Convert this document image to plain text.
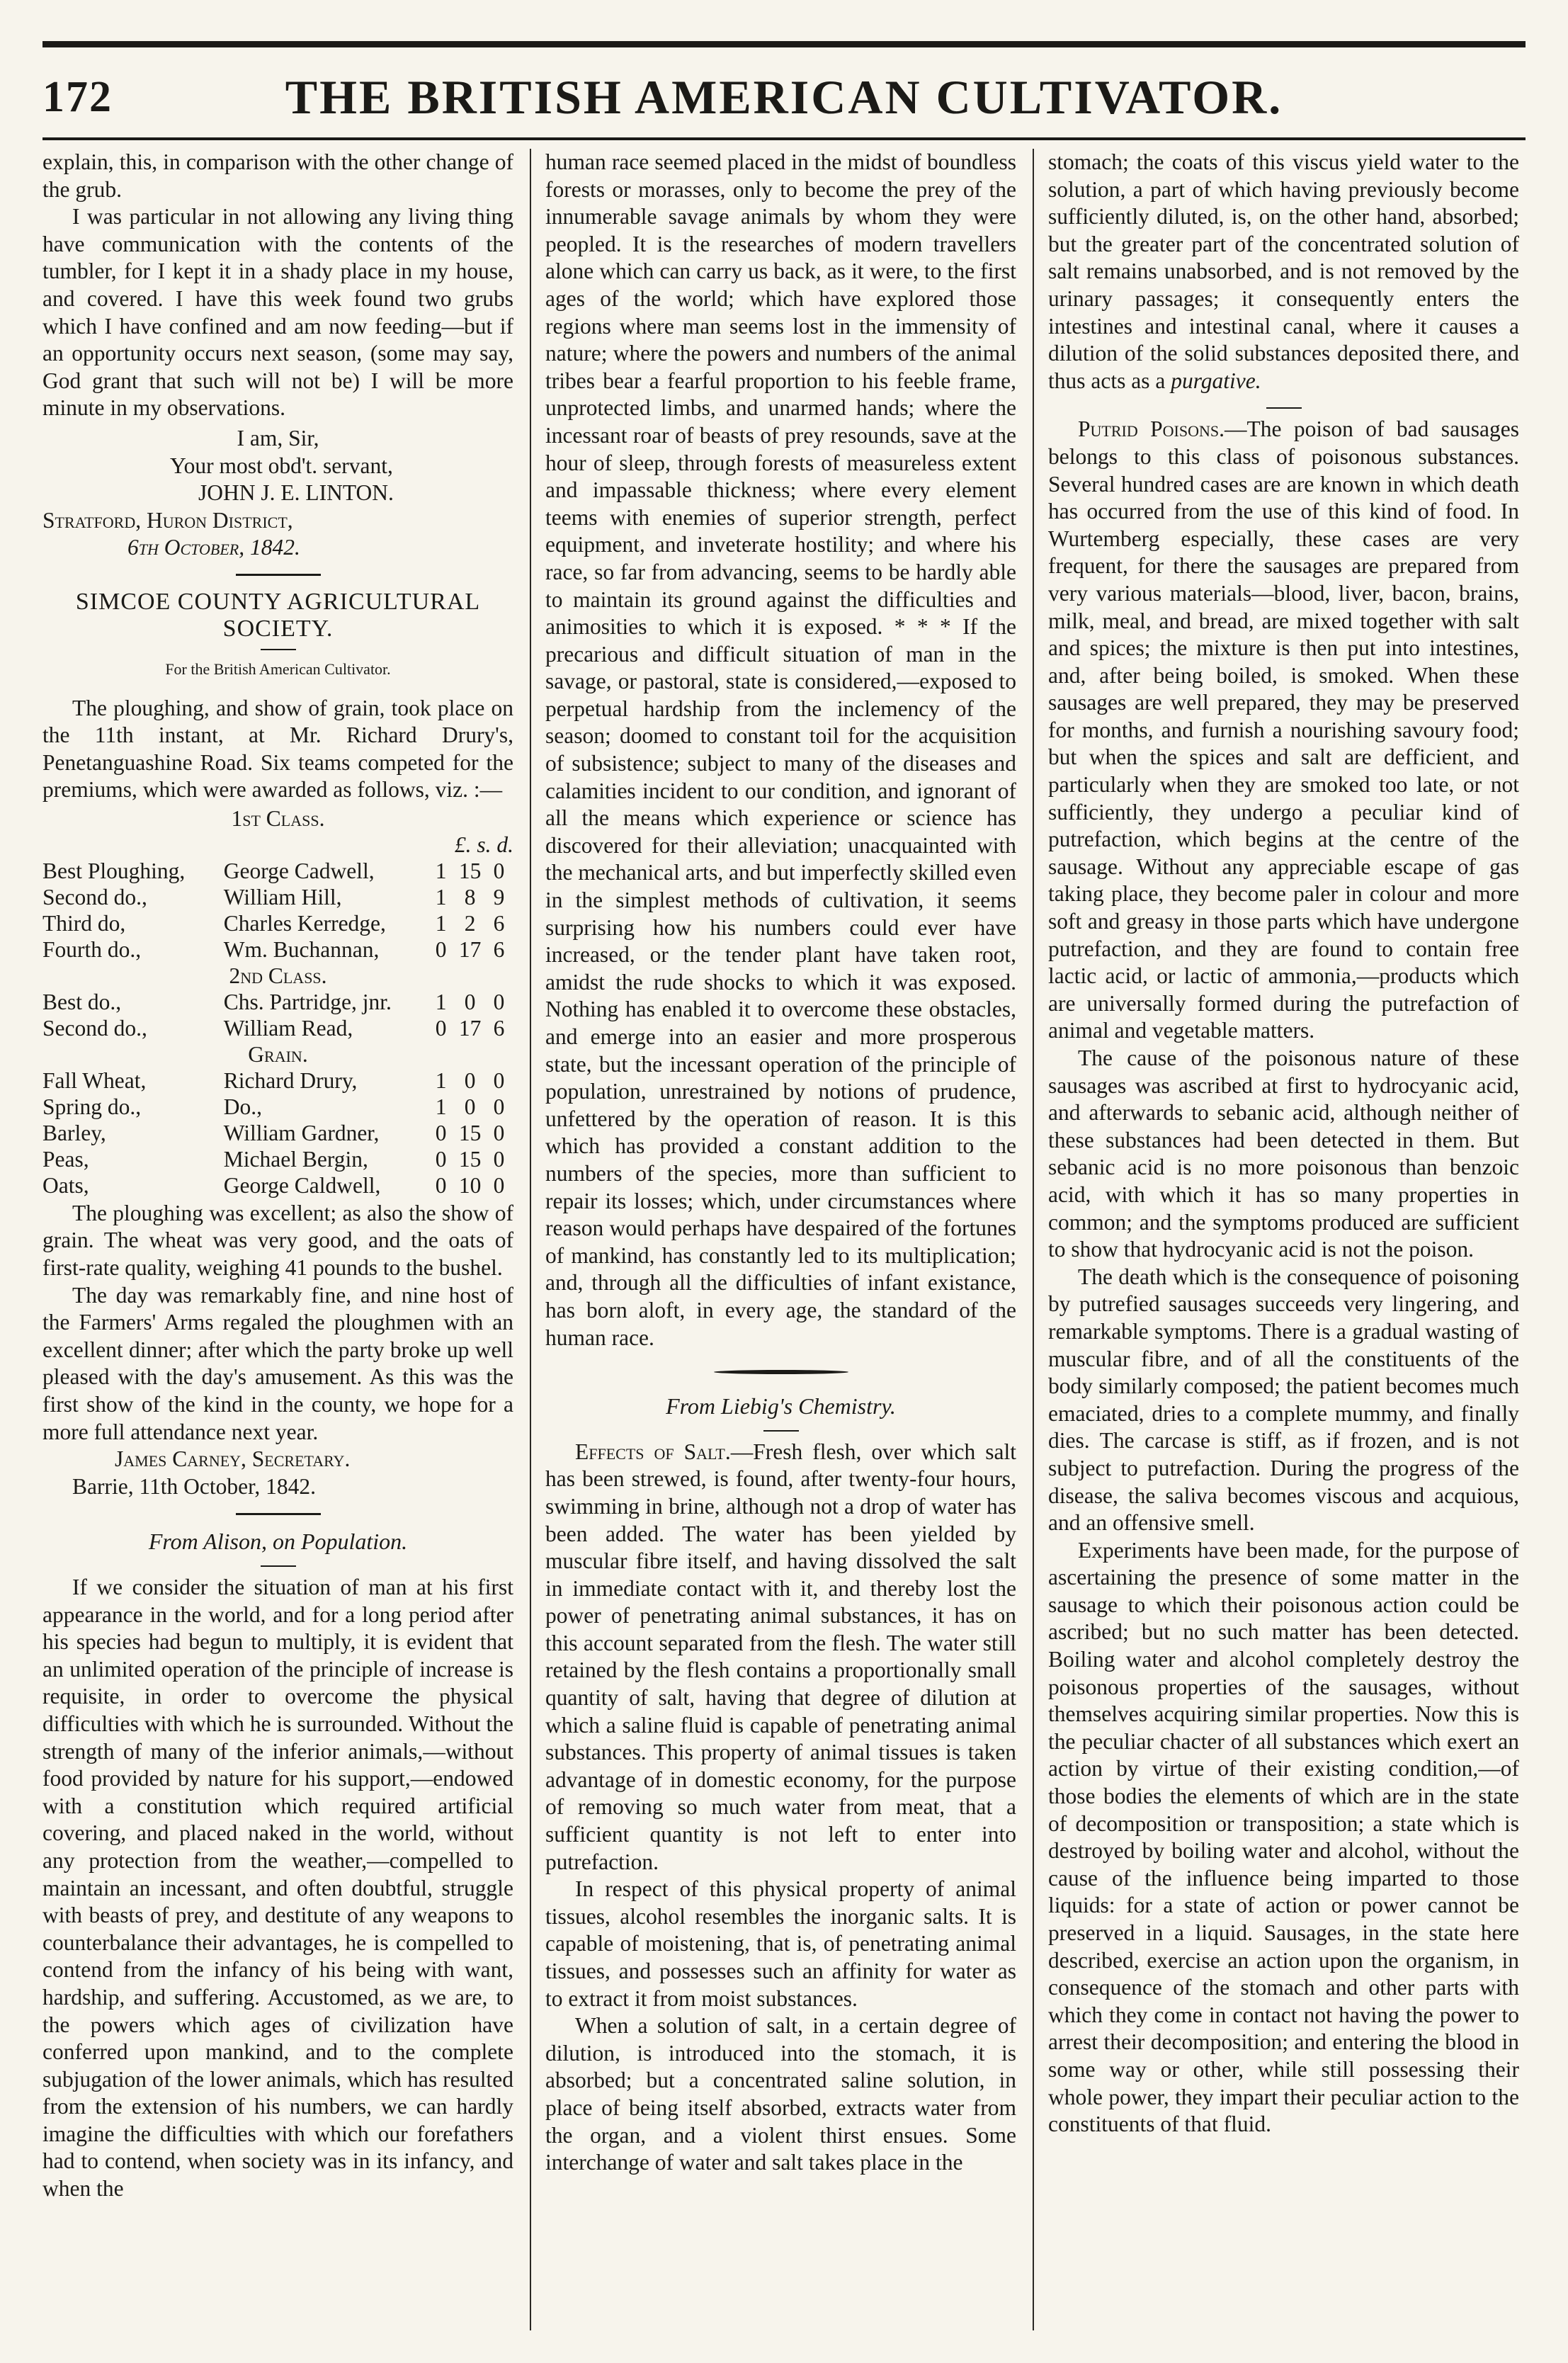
172	THE BRITISH AMERICAN CULTIVATOR.

explain, this, in comparison with the other change of the grub.

I was particular in not allowing any living thing have communication with the contents of the tumbler, for I kept it in a shady place in my house, and covered. I have this week found two grubs which I have confined and am now feeding—but if an opportunity occurs next season, (some may say, God grant that such will not be) I will be more minute in my observations.

I am, Sir,

Your most obd't. servant,

JOHN J. E. LINTON.

Stratford, Huron District,
6th October, 1842.

SIMCOE COUNTY AGRICULTURAL SOCIETY.

For the British American Cultivator.

The ploughing, and show of grain, took place on the 11th instant, at Mr. Richard Drury's, Penetanguashine Road. Six teams competed for the premiums, which were awarded as follows, viz. :—

1st Class.				
£. s. d.				
Best Ploughing,	George Cadwell,	1	15	0
Second do.,	William Hill,	1	8	9
Third do,	Charles Kerredge,	1	2	6
Fourth do.,	Wm. Buchannan,	0	17	6
2nd Class.				
Best do.,	Chs. Partridge, jnr.	1	0	0
Second do.,	William Read,	0	17	6
Grain.				
Fall Wheat,	Richard Drury,	1	0	0
Spring do.,	Do.,	1	0	0
Barley,	William Gardner,	0	15	0
Peas,	Michael Bergin,	0	15	0
Oats,	George Caldwell,	0	10	0

The ploughing was excellent; as also the show of grain. The wheat was very good, and the oats of first-rate quality, weighing 41 pounds to the bushel.

The day was remarkably fine, and nine host of the Farmers' Arms regaled the ploughmen with an excellent dinner; after which the party broke up well pleased with the day's amusement. As this was the first show of the kind in the county, we hope for a more full attendance next year.

James Carney, Secretary.

Barrie, 11th October, 1842.

From Alison, on Population.

If we consider the situation of man at his first appearance in the world, and for a long period after his species had begun to multiply, it is evident that an unlimited operation of the principle of increase is requisite, in order to overcome the physical difficulties with which he is surrounded. Without the strength of many of the inferior animals,—without food provided by nature for his support,—endowed with a constitution which required artificial covering, and placed naked in the world, without any protection from the weather,—compelled to maintain an incessant, and often doubtful, struggle with beasts of prey, and destitute of any weapons to counterbalance their advantages, he is compelled to contend from the infancy of his being with want, hardship, and suffering. Accustomed, as we are, to the powers which ages of civilization have conferred upon mankind, and to the complete subjugation of the lower animals, which has resulted from the extension of his numbers, we can hardly imagine the difficulties with which our forefathers had to contend, when society was in its infancy, and when the

human race seemed placed in the midst of boundless forests or morasses, only to become the prey of the innumerable savage animals by whom they were peopled. It is the researches of modern travellers alone which can carry us back, as it were, to the first ages of the world; which have explored those regions where man seems lost in the immensity of nature; where the powers and numbers of the animal tribes bear a fearful proportion to his feeble frame, unprotected limbs, and unarmed hands; where the incessant roar of beasts of prey resounds, save at the hour of sleep, through forests of measureless extent and impassable thickness; where every element teems with enemies of superior strength, perfect equipment, and inveterate hostility; and where his race, so far from advancing, seems to be hardly able to maintain its ground against the difficulties and animosities to which it is exposed. * * * If the precarious and difficult situation of man in the savage, or pastoral, state is considered,—exposed to perpetual hardship from the inclemency of the season; doomed to constant toil for the acquisition of subsistence; subject to many of the diseases and calamities incident to our condition, and ignorant of all the means which experience or science has discovered for their alleviation; unacquainted with the mechanical arts, and but imperfectly skilled even in the simplest methods of cultivation, it seems surprising how his numbers could ever have increased, or the tender plant have taken root, amidst the rude shocks to which it was exposed. Nothing has enabled it to overcome these obstacles, and emerge into an easier and more prosperous state, but the incessant operation of the principle of population, unrestrained by notions of prudence, unfettered by the operation of reason. It is this which has provided a constant addition to the numbers of the species, more than sufficient to repair its losses; which, under circumstances where reason would perhaps have despaired of the fortunes of mankind, has constantly led to its multiplication; and, through all the difficulties of infant existance, has born aloft, in every age, the standard of the human race.

From Liebig's Chemistry.

Effects of Salt.—Fresh flesh, over which salt has been strewed, is found, after twenty-four hours, swimming in brine, although not a drop of water has been added. The water has been yielded by muscular fibre itself, and having dissolved the salt in immediate contact with it, and thereby lost the power of penetrating animal substances, it has on this account separated from the flesh. The water still retained by the flesh contains a proportionally small quantity of salt, having that degree of dilution at which a saline fluid is capable of penetrating animal substances. This property of animal tissues is taken advantage of in domestic economy, for the purpose of removing so much water from meat, that a sufficient quantity is not left to enter into putrefaction.

In respect of this physical property of animal tissues, alcohol resembles the inorganic salts. It is capable of moistening, that is, of penetrating animal tissues, and possesses such an affinity for water as to extract it from moist substances.

When a solution of salt, in a certain degree of dilution, is introduced into the stomach, it is absorbed; but a concentrated saline solution, in place of being itself absorbed, extracts water from the organ, and a violent thirst ensues. Some interchange of water and salt takes place in the

stomach; the coats of this viscus yield water to the solution, a part of which having previously become sufficiently diluted, is, on the other hand, absorbed; but the greater part of the concentrated solution of salt remains unabsorbed, and is not removed by the urinary passages; it consequently enters the intestines and intestinal canal, where it causes a dilution of the solid substances deposited there, and thus acts as a purgative.

Putrid Poisons.—The poison of bad sausages belongs to this class of poisonous substances. Several hundred cases are are known in which death has occurred from the use of this kind of food. In Wurtemberg especially, these cases are very frequent, for there the sausages are prepared from very various materials—blood, liver, bacon, brains, milk, meal, and bread, are mixed together with salt and spices; the mixture is then put into intestines, and, after being boiled, is smoked. When these sausages are well prepared, they may be preserved for months, and furnish a nourishing savoury food; but when the spices and salt are defficient, and particularly when they are smoked too late, or not sufficiently, they undergo a peculiar kind of putrefaction, which begins at the centre of the sausage. Without any appreciable escape of gas taking place, they become paler in colour and more soft and greasy in those parts which have undergone putrefaction, and they are found to contain free lactic acid, or lactic of ammonia,—products which are universally formed during the putrefaction of animal and vegetable matters.

The cause of the poisonous nature of these sausages was ascribed at first to hydrocyanic acid, and afterwards to sebanic acid, although neither of these substances had been detected in them. But sebanic acid is no more poisonous than benzoic acid, with which it has so many properties in common; and the symptoms produced are sufficient to show that hydrocyanic acid is not the poison.

The death which is the consequence of poisoning by putrefied sausages succeeds very lingering, and remarkable symptoms. There is a gradual wasting of muscular fibre, and of all the constituents of the body similarly composed; the patient becomes much emaciated, dries to a complete mummy, and finally dies. The carcase is stiff, as if frozen, and is not subject to putrefaction. During the progress of the disease, the saliva becomes viscous and acquious, and an offensive smell.

Experiments have been made, for the purpose of ascertaining the presence of some matter in the sausage to which their poisonous action could be ascribed; but no such matter has been detected. Boiling water and alcohol completely destroy the poisonous properties of the sausages, without themselves acquiring similar properties. Now this is the peculiar chacter of all substances which exert an action by virtue of their existing condition,—of those bodies the elements of which are in the state of decomposition or transposition; a state which is destroyed by boiling water and alcohol, without the cause of the influence being imparted to those liquids: for a state of action or power cannot be preserved in a liquid. Sausages, in the state here described, exercise an action upon the organism, in consequence of the stomach and other parts with which they come in contact not having the power to arrest their decomposition; and entering the blood in some way or other, while still possessing their whole power, they impart their peculiar action to the constituents of that fluid.
